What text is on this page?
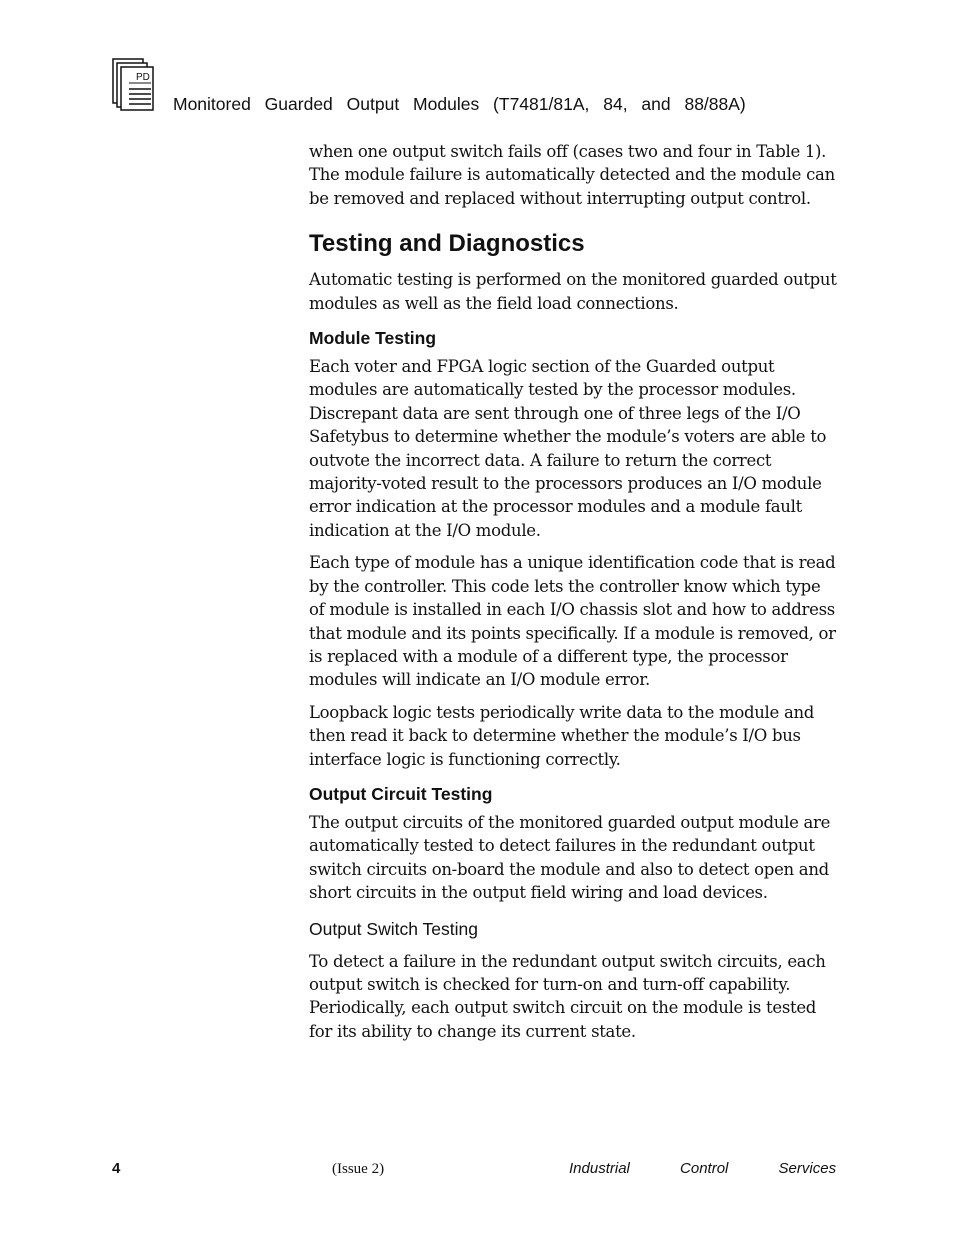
PD
Monitored Guarded Output Modules (T7481/81A, 84, and 88/88A)

when one output switch fails off (cases two and four in Table 1). The module failure is automatically detected and the module can be removed and replaced without interrupting output control.

Testing and Diagnostics

Automatic testing is performed on the monitored guarded output modules as well as the field load connections.

Module Testing

Each voter and FPGA logic section of the Guarded output modules are automatically tested by the processor modules. Discrepant data are sent through one of three legs of the I/O Safetybus to determine whether the module’s voters are able to outvote the incorrect data. A failure to return the correct majority-voted result to the processors produces an I/O module error indication at the processor modules and a module fault indication at the I/O module.

Each type of module has a unique identification code that is read by the controller. This code lets the controller know which type of module is installed in each I/O chassis slot and how to address that module and its points specifically. If a module is removed, or is replaced with a module of a different type, the processor modules will indicate an I/O module error.

Loopback logic tests periodically write data to the module and then read it back to determine whether the module’s I/O bus interface logic is functioning correctly.

Output Circuit Testing

The output circuits of the monitored guarded output module are automatically tested to detect failures in the redundant output switch circuits on-board the module and also to detect open and short circuits in the output field wiring and load devices.

Output Switch Testing

To detect a failure in the redundant output switch circuits, each output switch is checked for turn-on and turn-off capability. Periodically, each output switch circuit on the module is tested for its ability to change its current state.

4	(Issue 2)	Industrial Control Services
